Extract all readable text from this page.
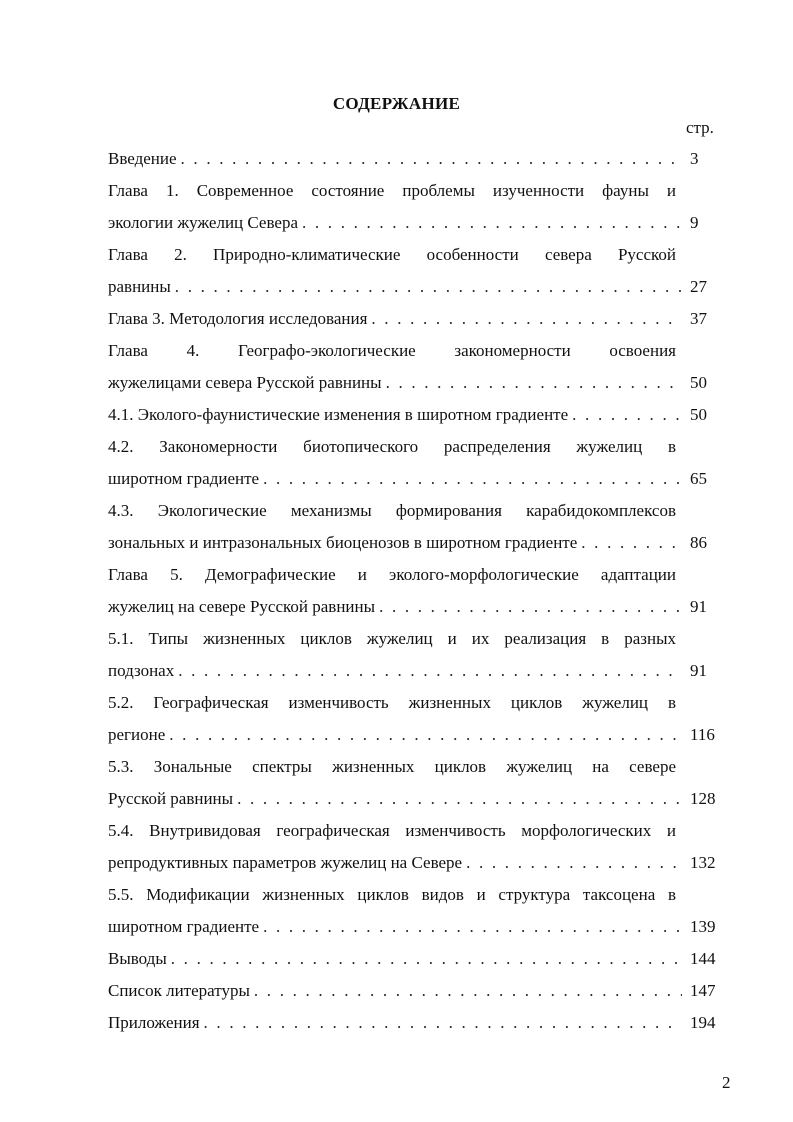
СОДЕРЖАНИЕ
стр.
Введение . . .	3
Глава 1. Современное состояние проблемы изученности фауны и
экологии жужелиц Севера . . .	9
Глава 2. Природно-климатические особенности севера Русской
равнины . . .	27
Глава 3. Методология исследования . . .	37
Глава 4. Географо-экологические закономерности освоения
жужелицами севера Русской равнины . . .	50
4.1. Эколого-фаунистические изменения в широтном градиенте . . .	50
4.2. Закономерности биотопического распределения жужелиц в
широтном градиенте . . .	65
4.3. Экологические механизмы формирования карабидокомплексов
зональных и интразональных биоценозов в широтном градиенте . . .	86
Глава 5. Демографические и эколого-морфологические адаптации
жужелиц на севере Русской равнины . . .	91
5.1. Типы жизненных циклов жужелиц и их реализация в разных
подзонах . . .	91
5.2. Географическая изменчивость жизненных циклов жужелиц в
регионе . . .	116
5.3. Зональные спектры жизненных циклов жужелиц на севере
Русской равнины . . .	128
5.4. Внутривидовая географическая изменчивость морфологических и
репродуктивных параметров жужелиц на Севере . . .	132
5.5. Модификации жизненных циклов видов и структура таксоцена в
широтном градиенте . . .	139
Выводы . . .	144
Список литературы . . .	147
Приложения . . .	194
2
